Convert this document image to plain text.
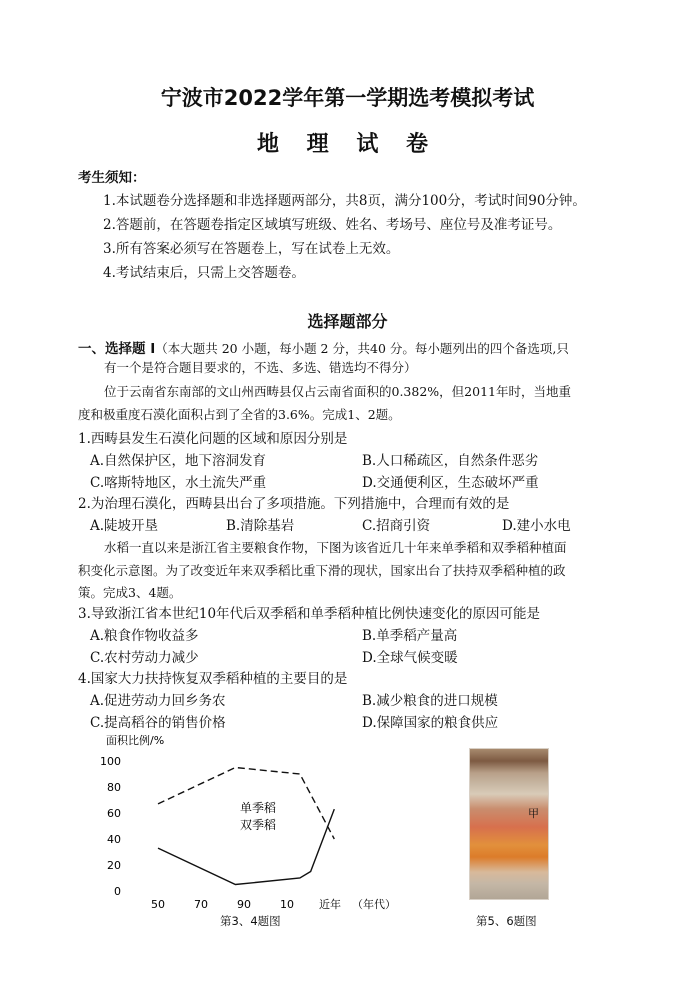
宁波市2022学年第一学期选考模拟考试
地 理 试 卷
考生须知：
1.本试题卷分选择题和非选择题两部分，共8页，满分100分，考试时间90分钟。
2.答题前，在答题卷指定区域填写班级、姓名、考场号、座位号及准考证号。
3.所有答案必须写在答题卷上，写在试卷上无效。
4.考试结束后，只需上交答题卷。
选择题部分
一、选择题 I（本大题共 20 小题，每小题 2 分，共40 分。每小题列出的四个备选项,只
有一个是符合题目要求的，不选、多选、错选均不得分）
位于云南省东南部的文山州西畴县仅占云南省面积的0.382%，但2011年时，当地重
度和极重度石漠化面积占到了全省的3.6%。完成1、2题。
1.西畴县发生石漠化问题的区域和原因分别是
A.自然保护区，地下溶洞发育	B.人口稀疏区，自然条件恶劣
C.喀斯特地区，水土流失严重	D.交通便利区，生态破坏严重
2.为治理石漠化，西畴县出台了多项措施。下列措施中，合理而有效的是
A.陡坡开垦	B.清除基岩	C.招商引资	D.建小水电
水稻一直以来是浙江省主要粮食作物，下图为该省近几十年来单季稻和双季稻种植面
积变化示意图。为了改变近年来双季稻比重下滑的现状，国家出台了扶持双季稻种植的政
策。完成3、4题。
3.导致浙江省本世纪10年代后双季稻和单季稻种植比例快速变化的原因可能是
A.粮食作物收益多	B.单季稻产量高
C.农村劳动力减少	D.全球气候变暖
4.国家大力扶持恢复双季稻种植的主要目的是
A.促进劳动力回乡务农	B.减少粮食的进口规模
C.提高稻谷的销售价格	D.保障国家的粮食供应
面积比例/%
0
20
40
60
80
100
50	70	90	10 近年 （年代）
单季稻
双季稻
第3、4题图
甲
第5、6题图
